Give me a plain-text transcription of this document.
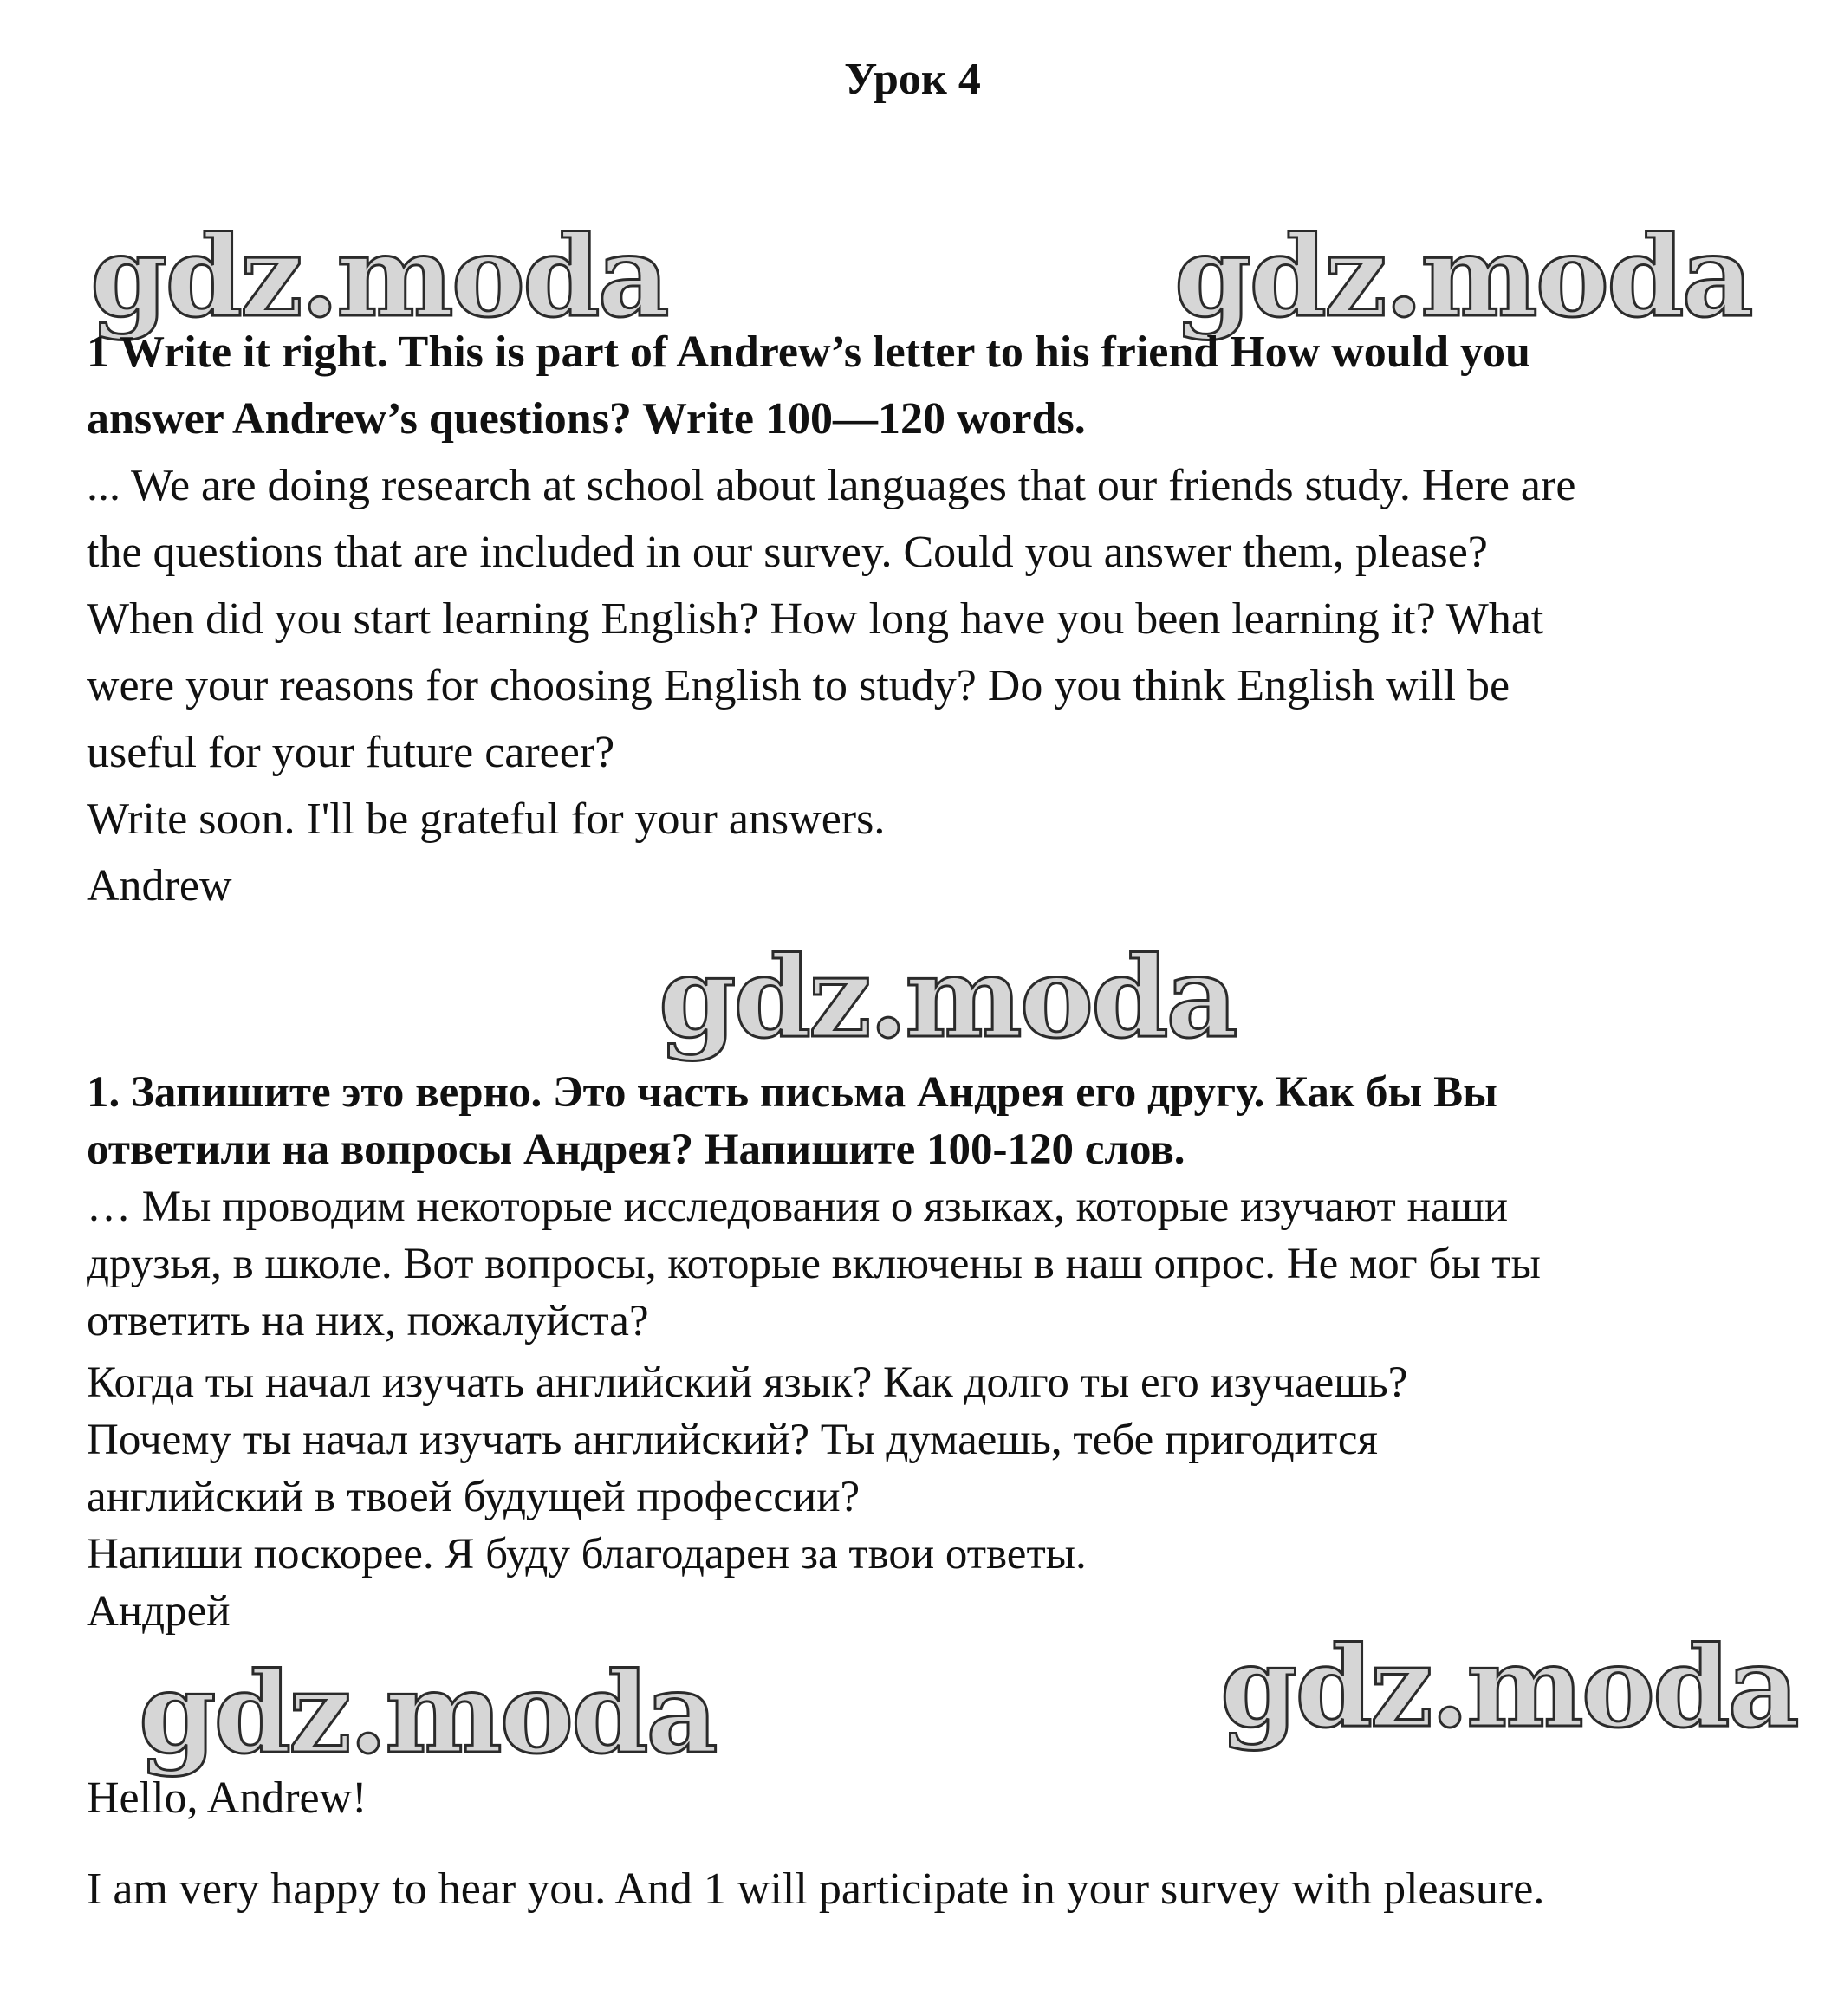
Урок 4
gdz.moda	gdz.moda
gdz.moda
gdz.moda	gdz.moda
1 Write it right. This is part of Andrew’s letter to his friend How would you
answer Andrew’s questions? Write 100—120 words.
... We are doing research at school about languages that our friends study. Here are
the questions that are included in our survey. Could you answer them, please?
When did you start learning English? How long have you been learning it? What
were your reasons for choosing English to study? Do you think English will be
useful for your future career?
Write soon. I'll be grateful for your answers.
Andrew
1. Запишите это верно. Это часть письма Андрея его другу. Как бы Вы
ответили на вопросы Андрея? Напишите 100-120 слов.
… Мы проводим некоторые исследования о языках, которые изучают наши
друзья, в школе. Вот вопросы, которые включены в наш опрос. Не мог бы ты
ответить на них, пожалуйста?
Когда ты начал изучать английский язык? Как долго ты его изучаешь?
Почему ты начал изучать английский? Ты думаешь, тебе пригодится
английский в твоей будущей профессии?
Напиши поскорее. Я буду благодарен за твои ответы.
Андрей
Hello, Andrew!
I am very happy to hear you. And 1 will participate in your survey with pleasure.
